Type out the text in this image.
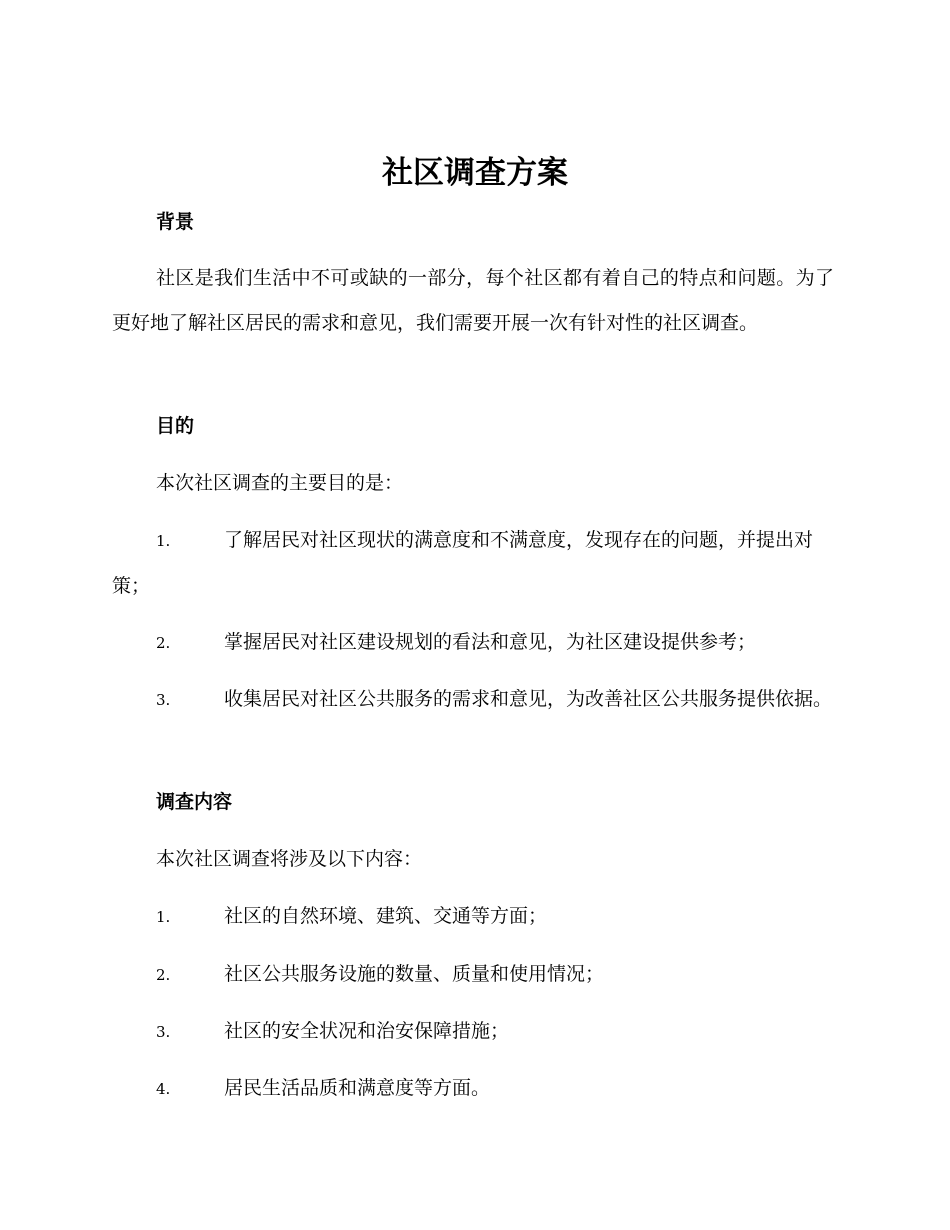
社区调查方案
背景

社区是我们生活中不可或缺的一部分，每个社区都有着自己的特点和问题。为了更好地了解社区居民的需求和意见，我们需要开展一次有针对性的社区调查。

目的

本次社区调查的主要目的是：

1.	了解居民对社区现状的满意度和不满意度，发现存在的问题，并提出对策；
2.	掌握居民对社区建设规划的看法和意见，为社区建设提供参考；
3.	收集居民对社区公共服务的需求和意见，为改善社区公共服务提供依据。
调查内容

本次社区调查将涉及以下内容：

1.	社区的自然环境、建筑、交通等方面；
2.	社区公共服务设施的数量、质量和使用情况；
3.	社区的安全状况和治安保障措施；
4.	居民生活品质和满意度等方面。
